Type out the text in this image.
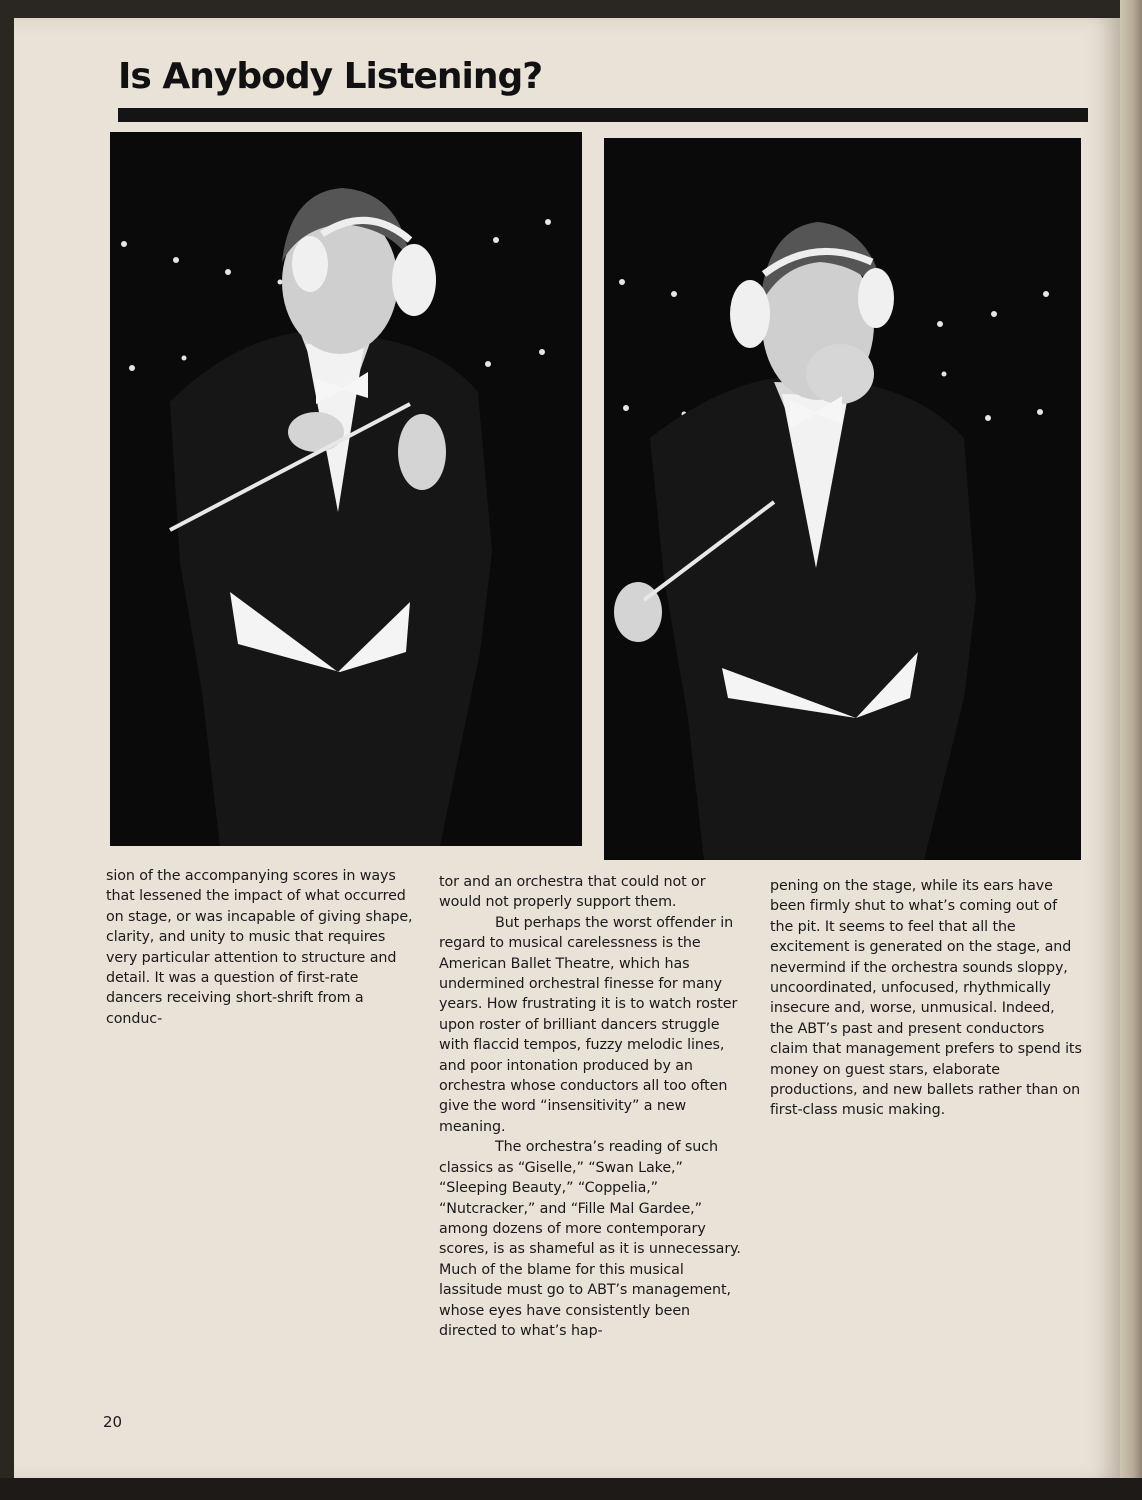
Is Anybody Listening?

sion of the accompanying scores in ways that lessened the impact of what occurred on stage, or was incapable of giving shape, clarity, and unity to music that requires very particular attention to structure and detail. It was a question of first-rate dancers receiving short-shrift from a conduc-

tor and an orchestra that could not or would not properly support them.

But perhaps the worst offender in regard to musical carelessness is the American Ballet Theatre, which has undermined orchestral finesse for many years. How frustrating it is to watch roster upon roster of brilliant dancers struggle with flaccid tempos, fuzzy melodic lines, and poor intonation produced by an orchestra whose conductors all too often give the word “insensitivity” a new meaning.

The orchestra’s reading of such classics as “Giselle,” “Swan Lake,” “Sleeping Beauty,” “Coppelia,” “Nutcracker,” and “Fille Mal Gardee,” among dozens of more contemporary scores, is as shameful as it is unnecessary. Much of the blame for this musical lassitude must go to ABT’s management, whose eyes have consistently been directed to what’s hap-

pening on the stage, while its ears have been firmly shut to what’s coming out of the pit. It seems to feel that all the excitement is generated on the stage, and nevermind if the orchestra sounds sloppy, uncoordinated, unfocused, rhythmically insecure and, worse, unmusical. Indeed, the ABT’s past and present conductors claim that management prefers to spend its money on guest stars, elaborate productions, and new ballets rather than on first-class music making.

20
